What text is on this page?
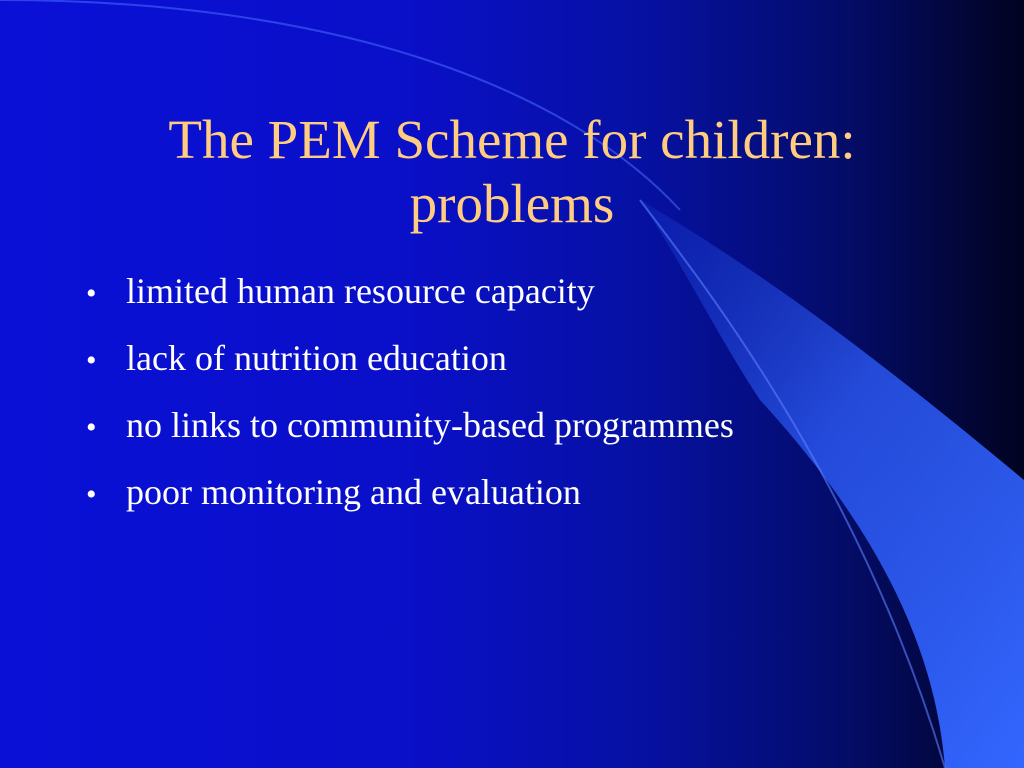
The PEM Scheme for children:
problems
• limited human resource capacity
• lack of nutrition education
• no links to community-based programmes
• poor monitoring and evaluation
